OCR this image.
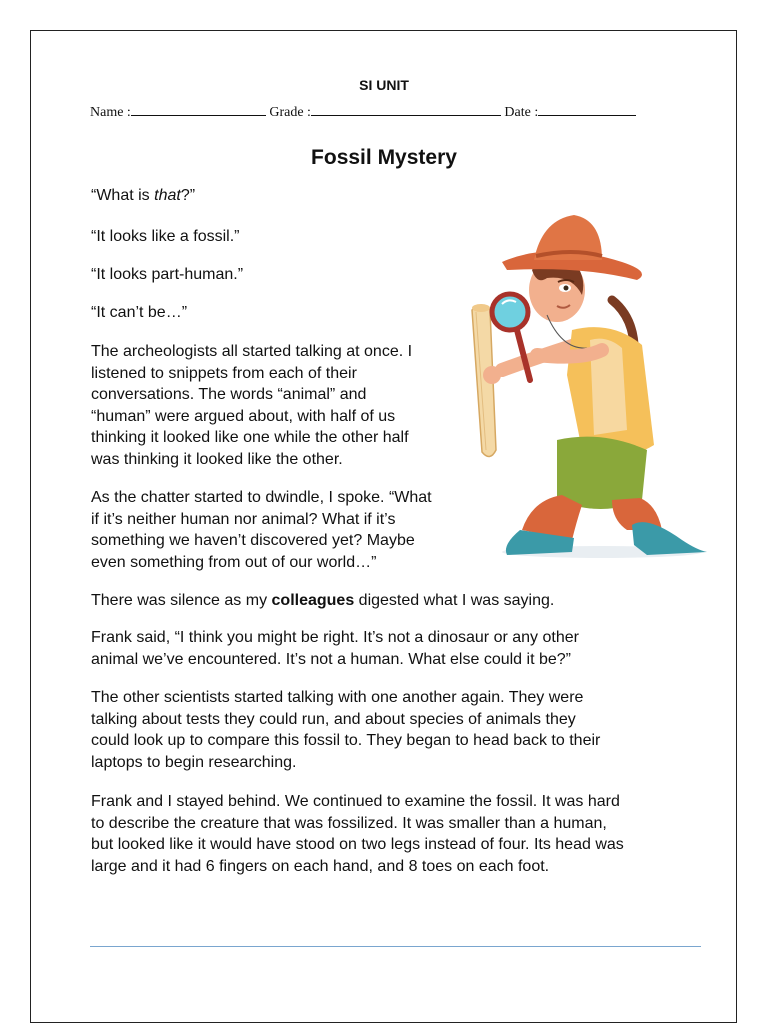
SI UNIT
Name :	Grade :	Date :
Fossil Mystery

“What is that?”

“It looks like a fossil.”

“It looks part-human.”

“It can’t be…”

The archeologists all started talking at once. I
listened to snippets from each of their
conversations. The words “animal” and
“human” were argued about, with half of us
thinking it looked like one while the other half
was thinking it looked like the other.

As the chatter started to dwindle, I spoke. “What
if it’s neither human nor animal? What if it’s
something we haven’t discovered yet? Maybe
even something from out of our world…”

There was silence as my colleagues digested what I was saying.

Frank said, “I think you might be right. It’s not a dinosaur or any other
animal we’ve encountered. It’s not a human. What else could it be?”

The other scientists started talking with one another again. They were
talking about tests they could run, and about species of animals they
could look up to compare this fossil to. They began to head back to their
laptops to begin researching.

Frank and I stayed behind. We continued to examine the fossil. It was hard
to describe the creature that was fossilized. It was smaller than a human,
but looked like it would have stood on two legs instead of four. Its head was
large and it had 6 fingers on each hand, and 8 toes on each foot.
